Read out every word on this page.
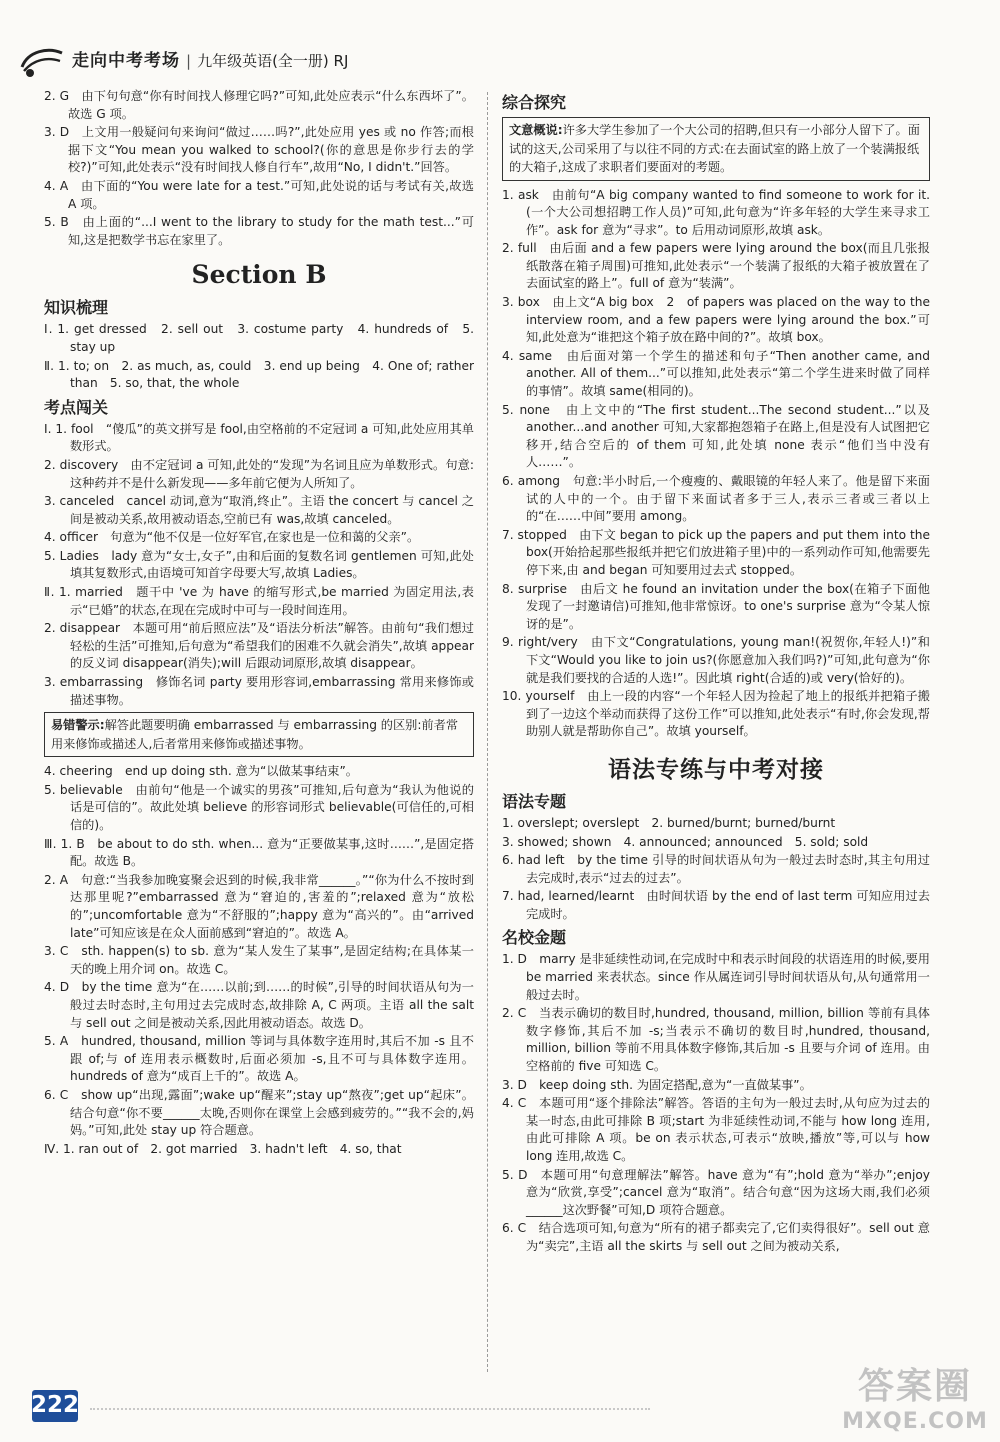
走向中考考场 | 九年级英语(全一册) RJ

2. G　由下句句意“你有时间找人修理它吗?”可知,此处应表示“什么东西坏了”。故选 G 项。

3. D　上文用一般疑问句来询问“做过……吗?”,此处应用 yes 或 no 作答;而根据下文“You mean you walked to school?(你的意思是你步行去的学校?)”可知,此处表示“没有时间找人修自行车”,故用“No, I didn't.”回答。

4. A　由下面的“You were late for a test.”可知,此处说的话与考试有关,故选 A 项。

5. B　由上面的“...I went to the library to study for the math test...”可知,这是把数学书忘在家里了。

Section B
知识梳理

Ⅰ. 1. get dressed　2. sell out　3. costume party　4. hundreds of　5. stay up

Ⅱ. 1. to; on　2. as much, as, could　3. end up being　4. One of; rather than　5. so, that, the whole

考点闯关

Ⅰ. 1. fool　“傻瓜”的英文拼写是 fool,由空格前的不定冠词 a 可知,此处应用其单数形式。

2. discovery　由不定冠词 a 可知,此处的“发现”为名词且应为单数形式。句意:这种药并不是什么新发现——多年前它便为人所知了。

3. canceled　cancel 动词,意为“取消,终止”。主语 the concert 与 cancel 之间是被动关系,故用被动语态,空前已有 was,故填 canceled。

4. officer　句意为“他不仅是一位好军官,在家也是一位和蔼的父亲”。

5. Ladies　lady 意为“女士,女子”,由和后面的复数名词 gentlemen 可知,此处填其复数形式,由语境可知首字母要大写,故填 Ladies。

Ⅱ. 1. married　题干中 've 为 have 的缩写形式,be married 为固定用法,表示“已婚”的状态,在现在完成时中可与一段时间连用。

2. disappear　本题可用“前后照应法”及“语法分析法”解答。由前句“我们想过轻松的生活”可推知,后句意为“希望我们的困难不久就会消失”,故填 appear 的反义词 disappear(消失);will 后跟动词原形,故填 disappear。

3. embarrassing　修饰名词 party 要用形容词,embarrassing 常用来修饰或描述事物。

易错警示:解答此题要明确 embarrassed 与 embarrassing 的区别:前者常用来修饰或描述人,后者常用来修饰或描述事物。

4. cheering　end up doing sth. 意为“以做某事结束”。

5. believable　由前句“他是一个诚实的男孩”可推知,后句意为“我认为他说的话是可信的”。故此处填 believe 的形容词形式 believable(可信任的,可相信的)。

Ⅲ. 1. B　be about to do sth. when... 意为“正要做某事,这时……”,是固定搭配。故选 B。

2. A　句意:“当我参加晚宴聚会迟到的时候,我非常______。”“你为什么不按时到达那里呢?”embarrassed 意为“窘迫的,害羞的”;relaxed 意为“放松的”;uncomfortable 意为“不舒服的”;happy 意为“高兴的”。由“arrived late”可知应该是在众人面前感到“窘迫的”。故选 A。

3. C　sth. happen(s) to sb. 意为“某人发生了某事”,是固定结构;在具体某一天的晚上用介词 on。故选 C。

4. D　by the time 意为“在……以前;到……的时候”,引导的时间状语从句为一般过去时态时,主句用过去完成时态,故排除 A, C 两项。主语 all the salt 与 sell out 之间是被动关系,因此用被动语态。故选 D。

5. A　hundred, thousand, million 等词与具体数字连用时,其后不加 -s 且不跟 of;与 of 连用表示概数时,后面必须加 -s,且不可与具体数字连用。hundreds of 意为“成百上千的”。故选 A。

6. C　show up“出现,露面”;wake up“醒来”;stay up“熬夜”;get up“起床”。结合句意“你不要______太晚,否则你在课堂上会感到疲劳的。”“我不会的,妈妈。”可知,此处 stay up 符合题意。

Ⅳ. 1. ran out of　2. got married　3. hadn't left　4. so, that

综合探究
文意概说:许多大学生参加了一个大公司的招聘,但只有一小部分人留下了。面试的这天,公司采用了与以往不同的方式:在去面试室的路上放了一个装满报纸的大箱子,这成了求职者们要面对的考题。

1. ask　由前句“A big company wanted to find someone to work for it.(一个大公司想招聘工作人员)”可知,此句意为“许多年轻的大学生来寻求工作”。ask for 意为“寻求”。to 后用动词原形,故填 ask。

2. full　由后面 and a few papers were lying around the box(而且几张报纸散落在箱子周围)可推知,此处表示“一个装满了报纸的大箱子被放置在了去面试室的路上”。full of 意为“装满”。

3. box　由上文“A big box　2　of papers was placed on the way to the interview room, and a few papers were lying around the box.”可知,此处意为“谁把这个箱子放在路中间的?”。故填 box。

4. same　由后面对第一个学生的描述和句子“Then another came, and another. All of them...”可以推知,此处表示“第二个学生进来时做了同样的事情”。故填 same(相同的)。

5. none　由上文中的“The first student...The second student...”以及 another...and another 可知,大家都抱怨箱子在路上,但是没有人试图把它移开,结合空后的 of them 可知,此处填 none 表示“他们当中没有人……”。

6. among　句意:半小时后,一个瘦瘦的、戴眼镜的年轻人来了。他是留下来面试的人中的一个。由于留下来面试者多于三人,表示三者或三者以上的“在……中间”要用 among。

7. stopped　由下文 began to pick up the papers and put them into the box(开始拾起那些报纸并把它们放进箱子里)中的一系列动作可知,他需要先停下来,由 and began 可知要用过去式 stopped。

8. surprise　由后文 he found an invitation under the box(在箱子下面他发现了一封邀请信)可推知,他非常惊讶。to one's surprise 意为“令某人惊讶的是”。

9. right/very　由下文“Congratulations, young man!(祝贺你,年轻人!)”和下文“Would you like to join us?(你愿意加入我们吗?)”可知,此句意为“你就是我们要找的合适的人选!”。因此填 right(合适的)或 very(恰好的)。

10. yourself　由上一段的内容“一个年轻人因为捡起了地上的报纸并把箱子搬到了一边这个举动而获得了这份工作”可以推知,此处表示“有时,你会发现,帮助别人就是帮助你自己”。故填 yourself。

语法专练与中考对接
语法专题

1. overslept; overslept　2. burned/burnt; burned/burnt

3. showed; shown　4. announced; announced　5. sold; sold

6. had left　by the time 引导的时间状语从句为一般过去时态时,其主句用过去完成时,表示“过去的过去”。

7. had, learned/learnt　由时间状语 by the end of last term 可知应用过去完成时。

名校金题

1. D　marry 是非延续性动词,在完成时中和表示时间段的状语连用的时候,要用 be married 来表状态。since 作从属连词引导时间状语从句,从句通常用一般过去时。

2. C　当表示确切的数目时,hundred, thousand, million, billion 等前有具体数字修饰,其后不加 -s;当表示不确切的数目时,hundred, thousand, million, billion 等前不用具体数字修饰,其后加 -s 且要与介词 of 连用。由空格前的 five 可知选 C。

3. D　keep doing sth. 为固定搭配,意为“一直做某事”。

4. C　本题可用“逐个排除法”解答。答语的主句为一般过去时,从句应为过去的某一时态,由此可排除 B 项;start 为非延续性动词,不能与 how long 连用,由此可排除 A 项。be on 表示状态,可表示“放映,播放”等,可以与 how long 连用,故选 C。

5. D　本题可用“句意理解法”解答。have 意为“有”;hold 意为“举办”;enjoy 意为“欣赏,享受”;cancel 意为“取消”。结合句意“因为这场大雨,我们必须______这次野餐”可知,D 项符合题意。

6. C　结合选项可知,句意为“所有的裙子都卖完了,它们卖得很好”。sell out 意为“卖完”,主语 all the skirts 与 sell out 之间为被动关系,

222	答案圈
MXQE.COM
